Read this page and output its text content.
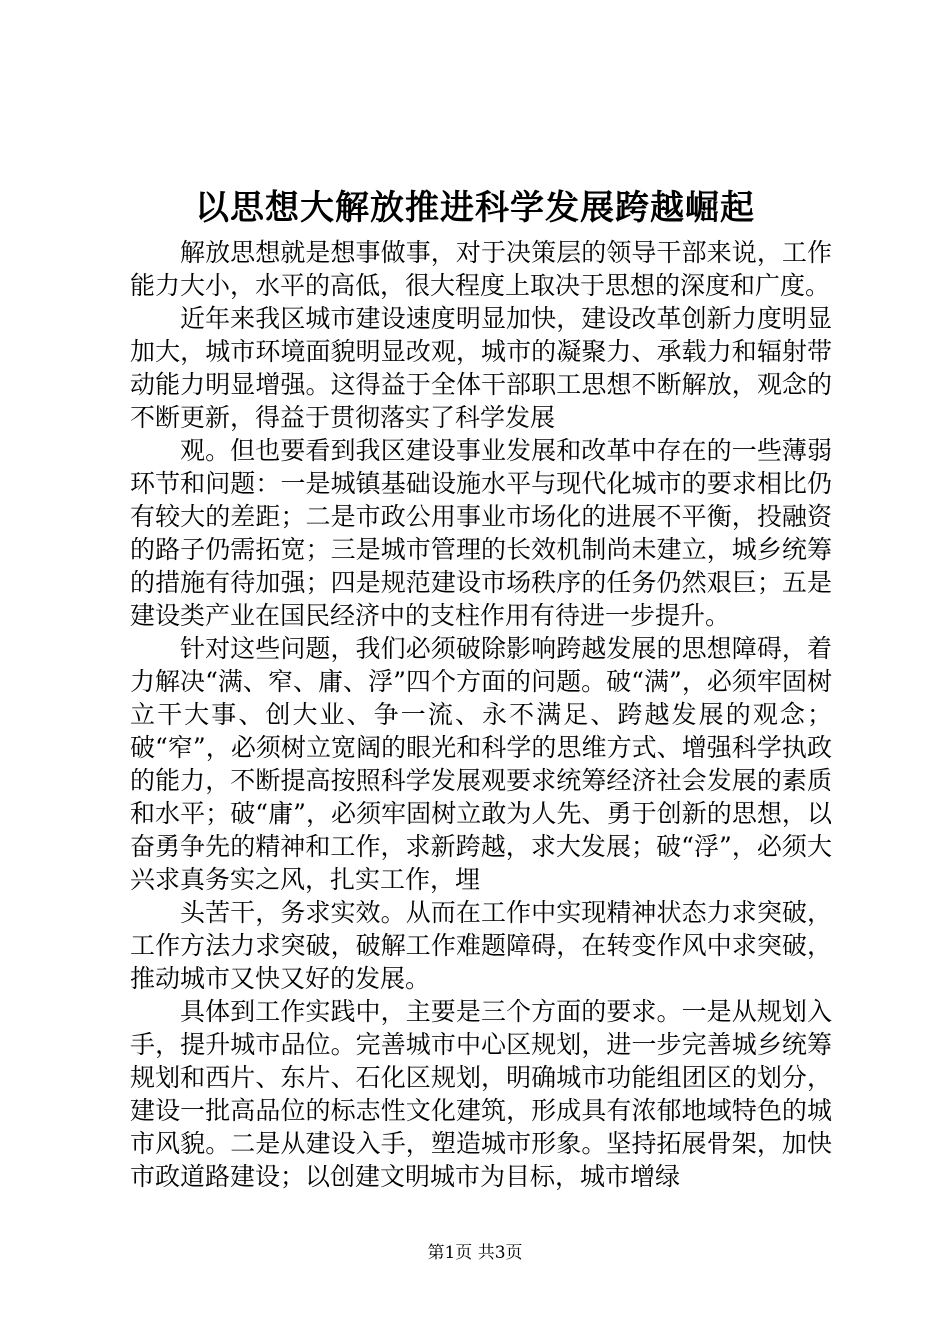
以思想大解放推进科学发展跨越崛起

解放思想就是想事做事，对于决策层的领导干部来说，工作能力大小，水平的高低，很大程度上取决于思想的深度和广度。

近年来我区城市建设速度明显加快，建设改革创新力度明显加大，城市环境面貌明显改观，城市的凝聚力、承载力和辐射带动能力明显增强。这得益于全体干部职工思想不断解放，观念的不断更新，得益于贯彻落实了科学发展

观。但也要看到我区建设事业发展和改革中存在的一些薄弱环节和问题：一是城镇基础设施水平与现代化城市的要求相比仍有较大的差距；二是市政公用事业市场化的进展不平衡，投融资的路子仍需拓宽；三是城市管理的长效机制尚未建立，城乡统筹的措施有待加强；四是规范建设市场秩序的任务仍然艰巨；五是建设类产业在国民经济中的支柱作用有待进一步提升。

针对这些问题，我们必须破除影响跨越发展的思想障碍，着力解决“满、窄、庸、浮”四个方面的问题。破“满”，必须牢固树立干大事、创大业、争一流、永不满足、跨越发展的观念；破“窄”，必须树立宽阔的眼光和科学的思维方式、增强科学执政的能力，不断提高按照科学发展观要求统筹经济社会发展的素质和水平；破“庸”，必须牢固树立敢为人先、勇于创新的思想，以奋勇争先的精神和工作，求新跨越，求大发展；破“浮”，必须大兴求真务实之风，扎实工作，埋

头苦干，务求实效。从而在工作中实现精神状态力求突破，工作方法力求突破，破解工作难题障碍，在转变作风中求突破，推动城市又快又好的发展。

具体到工作实践中，主要是三个方面的要求。一是从规划入手，提升城市品位。完善城市中心区规划，进一步完善城乡统筹规划和西片、东片、石化区规划，明确城市功能组团区的划分，建设一批高品位的标志性文化建筑，形成具有浓郁地域特色的城市风貌。二是从建设入手，塑造城市形象。坚持拓展骨架，加快市政道路建设；以创建文明城市为目标，城市增绿

第1页 共3页
